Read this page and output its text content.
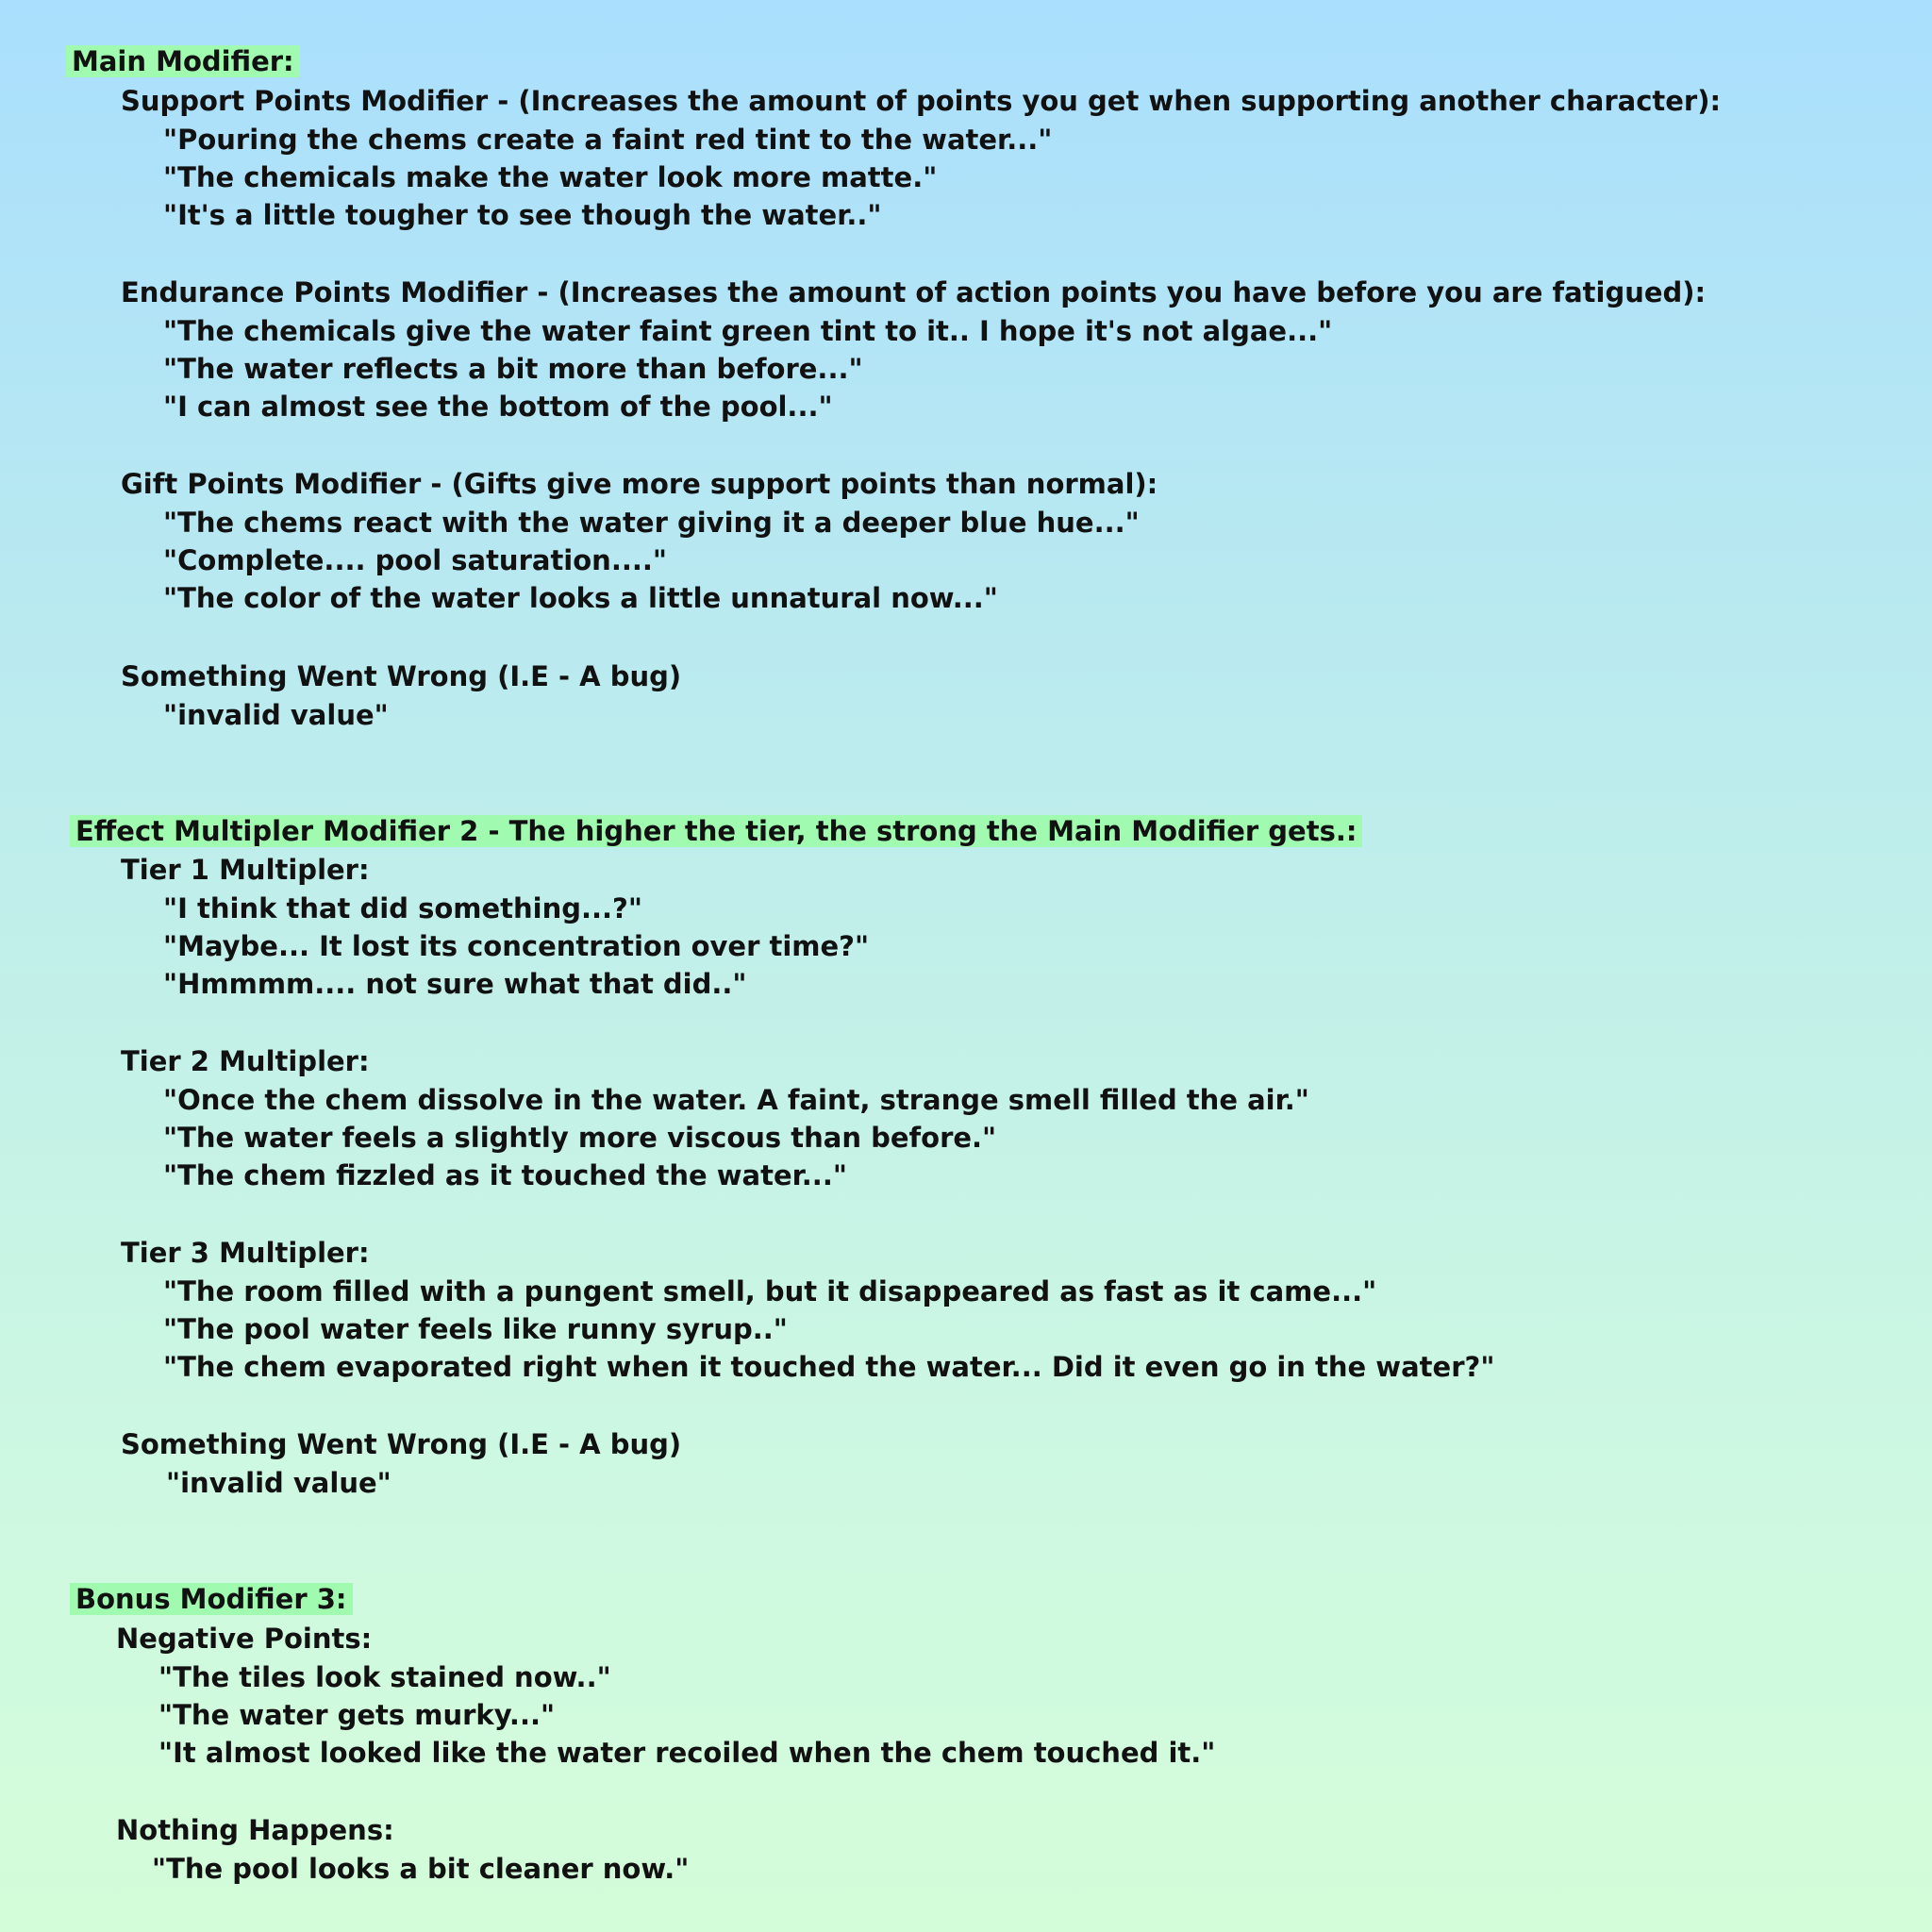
Main Modifier:
Support Points Modifier - (Increases the amount of points you get when supporting another character):
"Pouring the chems create a faint red tint to the water..."
"The chemicals make the water look more matte."
"It's a little tougher to see though the water.."
Endurance Points Modifier - (Increases the amount of action points you have before you are fatigued):
"The chemicals give the water faint green tint to it.. I hope it's not algae..."
"The water reflects a bit more than before..."
"I can almost see the bottom of the pool..."
Gift Points Modifier - (Gifts give more support points than normal):
"The chems react with the water giving it a deeper blue hue..."
"Complete.... pool saturation...."
"The color of the water looks a little unnatural now..."
Something Went Wrong (I.E - A bug)
"invalid value"
Effect Multipler Modifier 2 - The higher the tier, the strong the Main Modifier gets.:
Tier 1 Multipler:
"I think that did something...?"
"Maybe... It lost its concentration over time?"
"Hmmmm.... not sure what that did.."
Tier 2 Multipler:
"Once the chem dissolve in the water. A faint, strange smell filled the air."
"The water feels a slightly more viscous than before."
"The chem fizzled as it touched the water..."
Tier 3 Multipler:
"The room filled with a pungent smell, but it disappeared as fast as it came..."
"The pool water feels like runny syrup.."
"The chem evaporated right when it touched the water... Did it even go in the water?"
Something Went Wrong (I.E - A bug)
"invalid value"
Bonus Modifier 3:
Negative Points:
"The tiles look stained now.."
"The water gets murky..."
"It almost looked like the water recoiled when the chem touched it."
Nothing Happens:
"The pool looks a bit cleaner now."
